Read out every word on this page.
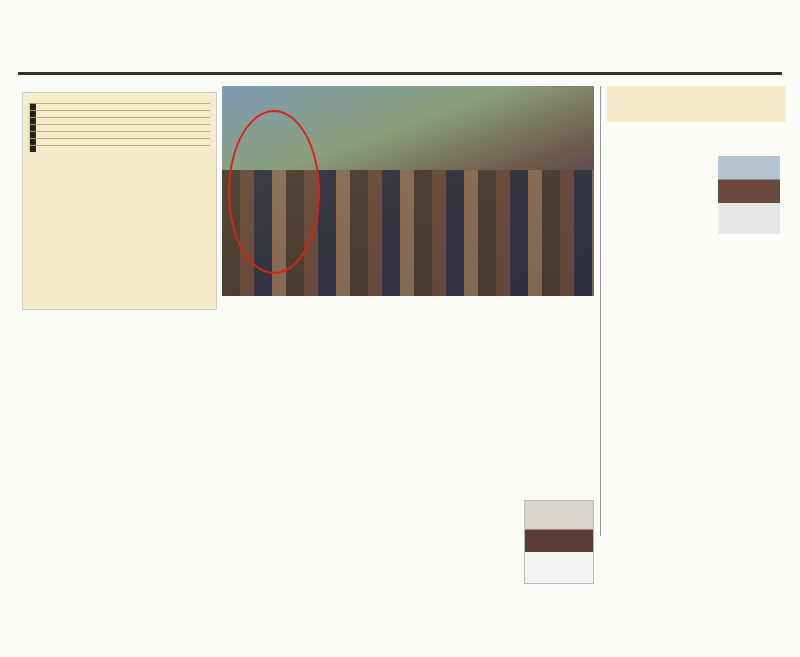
■
■
■
■
■
■
■
